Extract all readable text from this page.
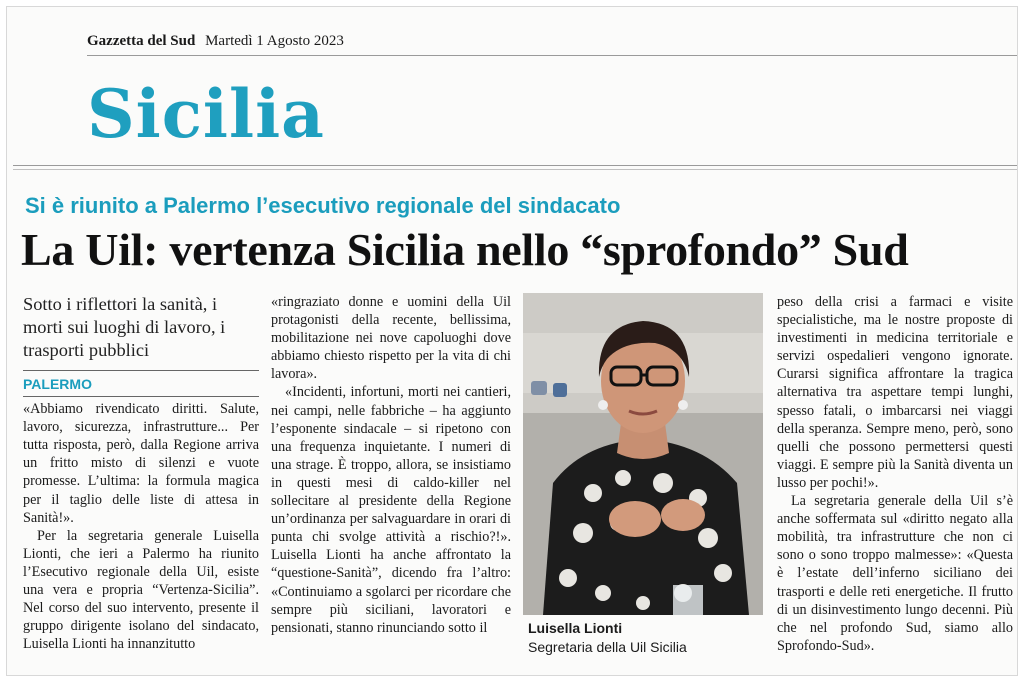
Gazzetta del Sud Martedì 1 Agosto 2023
Sicilia
Si è riunito a Palermo l’esecutivo regionale del sindacato
La Uil: vertenza Sicilia nello “sprofondo” Sud
Sotto i riflettori la sanità, i morti sui luoghi di lavoro, i trasporti pubblici
PALERMO

«Abbiamo rivendicato diritti. Salute, lavoro, sicurezza, infrastrutture... Per tutta risposta, però, dalla Regione arriva un fritto misto di silenzi e vuote promesse. L’ultima: la formula magica per il taglio delle liste di attesa in Sanità!».

Per la segretaria generale Luisella Lionti, che ieri a Palermo ha riunito l’Esecutivo regionale della Uil, esiste una vera e propria “Vertenza-Sicilia”. Nel corso del suo intervento, presente il gruppo dirigente isolano del sindacato, Luisella Lionti ha innanzitutto

«ringraziato donne e uomini della Uil protagonisti della recente, bellissima, mobilitazione nei nove capoluoghi dove abbiamo chiesto rispetto per la vita di chi lavora».

«Incidenti, infortuni, morti nei cantieri, nei campi, nelle fabbriche – ha aggiunto l’esponente sindacale – si ripetono con una frequenza inquietante. I numeri di una strage. È troppo, allora, se insistiamo in questi mesi di caldo-killer nel sollecitare al presidente della Regione un’ordinanza per salvaguardare in orari di punta chi svolge attività a rischio?!». Luisella Lionti ha anche affrontato la “questione-Sanità”, dicendo fra l’altro: «Continuiamo a sgolarci per ricordare che sempre più siciliani, lavoratori e pensionati, stanno rinunciando sotto il	Luisella Lionti
Segretaria della Uil Sicilia

peso della crisi a farmaci e visite specialistiche, ma le nostre proposte di investimenti in medicina territoriale e servizi ospedalieri vengono ignorate. Curarsi significa affrontare la tragica alternativa tra aspettare tempi lunghi, spesso fatali, o imbarcarsi nei viaggi della speranza. Sempre meno, però, sono quelli che possono permettersi questi viaggi. E sempre più la Sanità diventa un lusso per pochi!».

La segretaria generale della Uil s’è anche soffermata sul «diritto negato alla mobilità, tra infrastrutture che non ci sono o sono troppo malmesse»: «Questa è l’estate dell’inferno siciliano dei trasporti e delle reti energetiche. Il frutto di un disinvestimento lungo decenni. Più che nel profondo Sud, siamo allo Sprofondo-Sud».
